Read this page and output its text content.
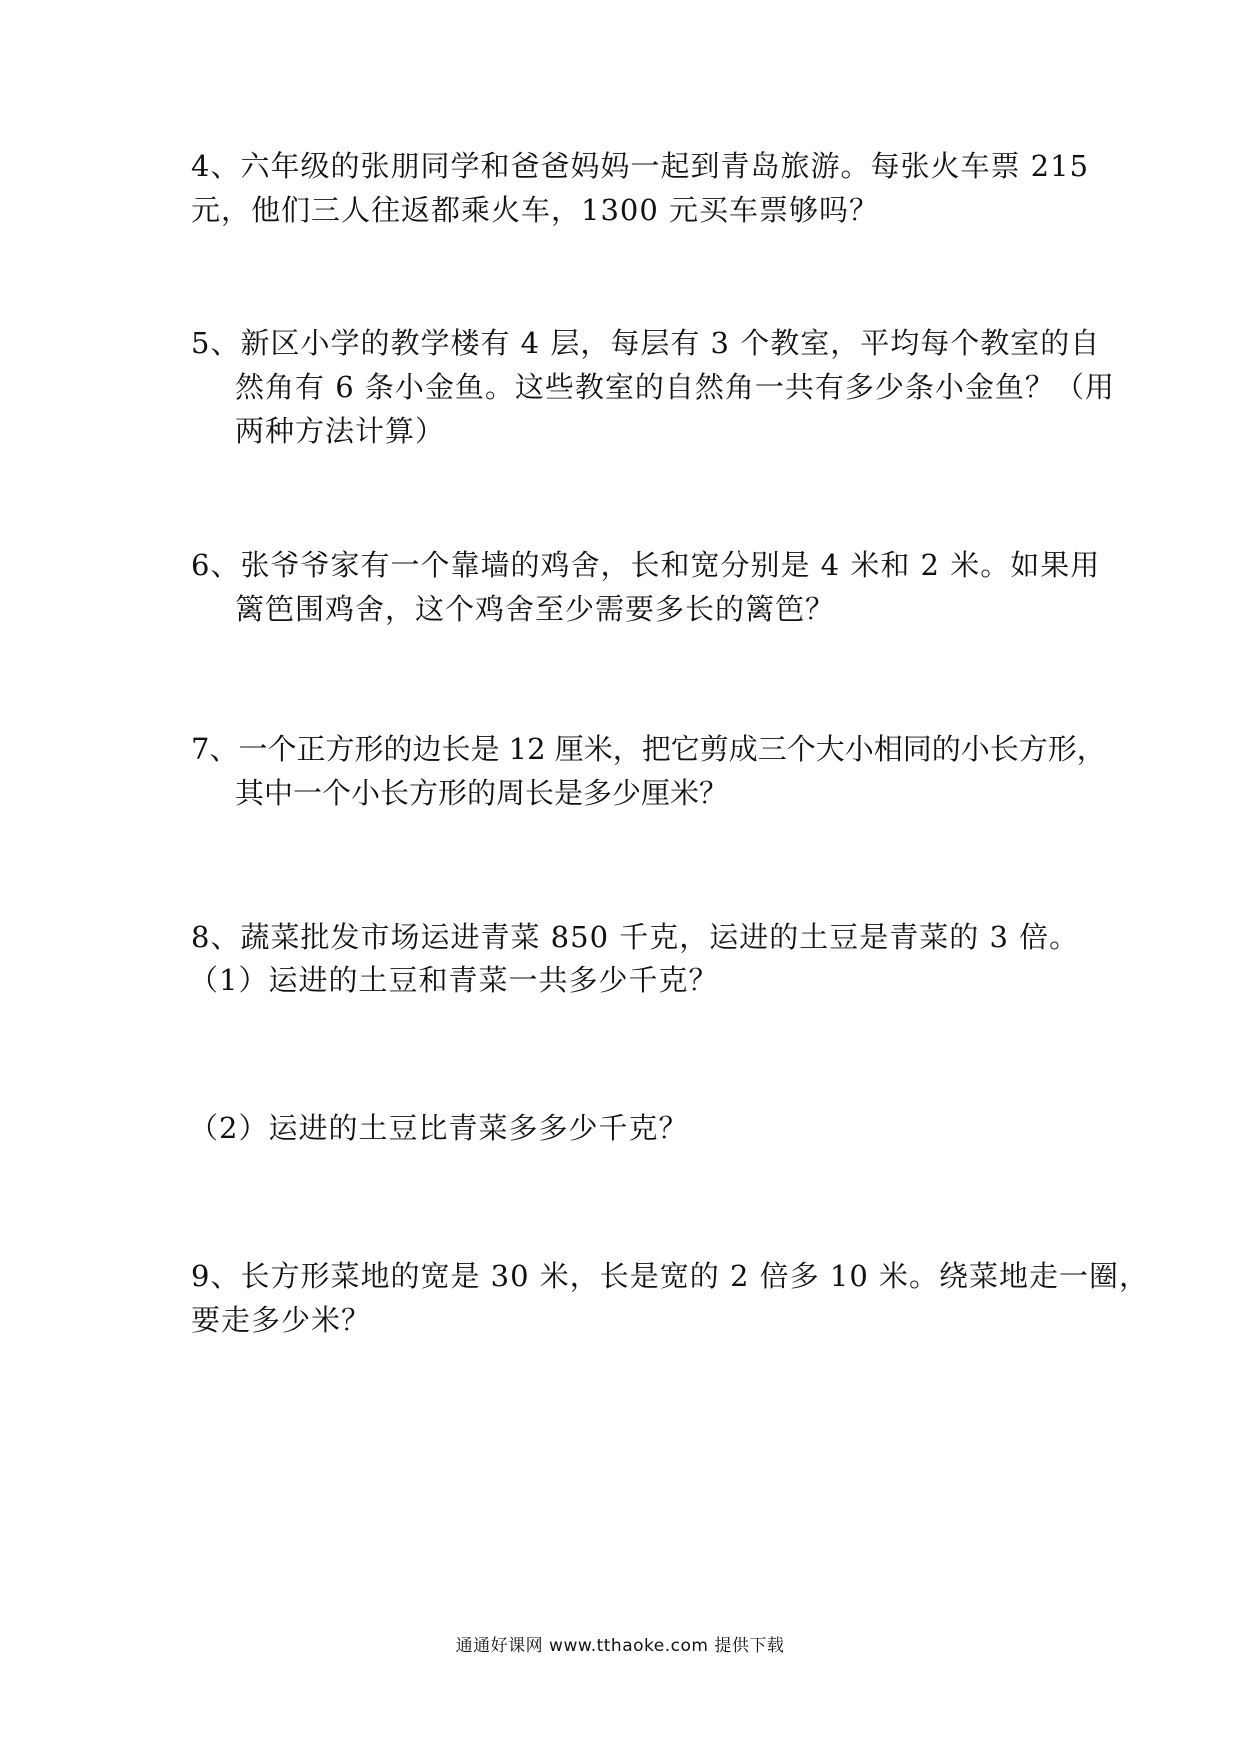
4、六年级的张朋同学和爸爸妈妈一起到青岛旅游。每张火车票 215
元，他们三人往返都乘火车，1300 元买车票够吗？
5、新区小学的教学楼有 4 层，每层有 3 个教室，平均每个教室的自
然角有 6 条小金鱼。这些教室的自然角一共有多少条小金鱼？（用
两种方法计算）
6、张爷爷家有一个靠墙的鸡舍，长和宽分别是 4 米和 2 米。如果用
篱笆围鸡舍，这个鸡舍至少需要多长的篱笆？
7、一个正方形的边长是 12 厘米，把它剪成三个大小相同的小长方形，
其中一个小长方形的周长是多少厘米？
8、蔬菜批发市场运进青菜 850 千克，运进的土豆是青菜的 3 倍。
（1）运进的土豆和青菜一共多少千克？
（2）运进的土豆比青菜多多少千克？
9、长方形菜地的宽是 30 米，长是宽的 2 倍多 10 米。绕菜地走一圈，
要走多少米？
通通好课网 www.tthaoke.com 提供下载
